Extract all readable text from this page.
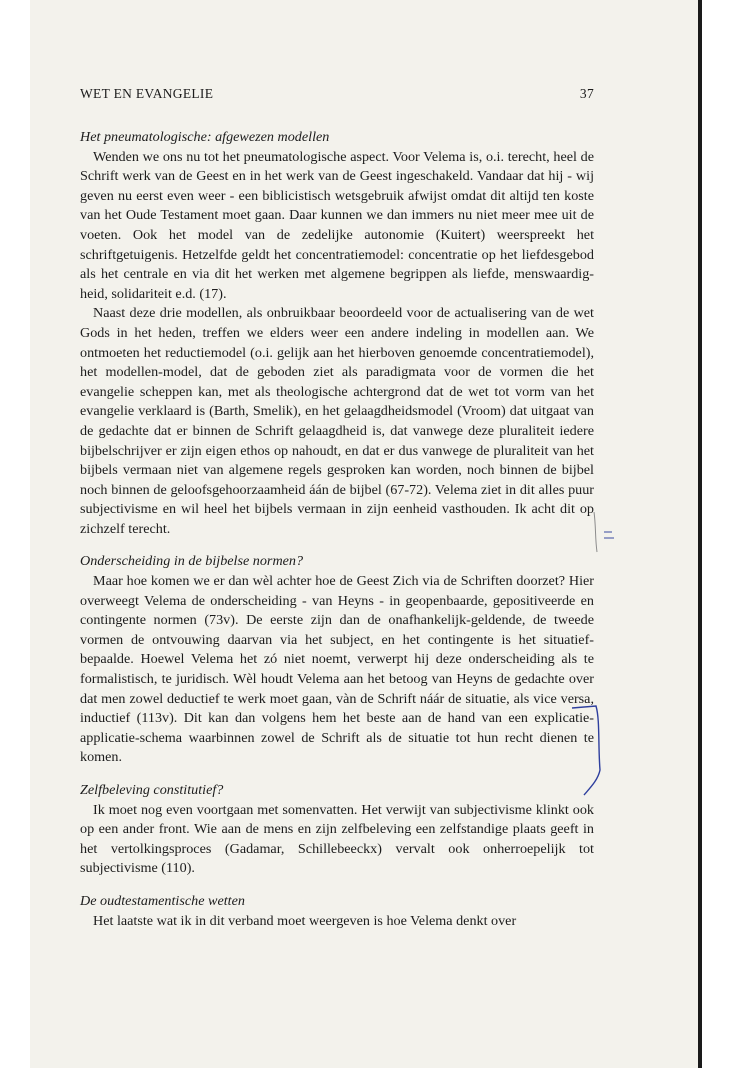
WET EN EVANGELIE	37

Het pneumatologische: afgewezen modellen

Wenden we ons nu tot het pneumatologische aspect. Voor Velema is, o.i. terecht, heel de Schrift werk van de Geest en in het werk van de Geest ingeschakeld. Vandaar dat hij - wij geven nu eerst even weer - een biblicistisch wetsgebruik afwijst omdat dit altijd ten koste van het Oude Testament moet gaan. Daar kunnen we dan immers nu niet meer mee uit de voeten. Ook het model van de zedelijke autonomie (Kuitert) weerspreekt het schriftgetuigenis. Hetzelfde geldt het concentratiemodel: concentratie op het liefdesgebod als het centrale en via dit het werken met algemene begrippen als liefde, menswaardigheid, solidariteit e.d. (17).

Naast deze drie modellen, als onbruikbaar beoordeeld voor de actualisering van de wet Gods in het heden, treffen we elders weer een andere indeling in modellen aan. We ontmoeten het reductiemodel (o.i. gelijk aan het hierboven genoemde concentratiemodel), het modellen-model, dat de geboden ziet als paradigmata voor de vormen die het evangelie scheppen kan, met als theologische achtergrond dat de wet tot vorm van het evangelie verklaard is (Barth, Smelik), en het gelaagdheidsmodel (Vroom) dat uitgaat van de gedachte dat er binnen de Schrift gelaagdheid is, dat vanwege deze pluraliteit iedere bijbelschrijver er zijn eigen ethos op nahoudt, en dat er dus vanwege de pluraliteit van het bijbels vermaan niet van algemene regels gesproken kan worden, noch binnen de bijbel noch binnen de geloofsgehoorzaamheid áán de bijbel (67-72). Velema ziet in dit alles puur subjectivisme en wil heel het bijbels vermaan in zijn eenheid vasthouden. Ik acht dit op zichzelf terecht.

Onderscheiding in de bijbelse normen?

Maar hoe komen we er dan wèl achter hoe de Geest Zich via de Schriften doorzet? Hier overweegt Velema de onderscheiding - van Heyns - in geopenbaarde, gepositiveerde en contingente normen (73v). De eerste zijn dan de onafhankelijk-geldende, de tweede vormen de ontvouwing daarvan via het subject, en het contingente is het situatief-bepaalde. Hoewel Velema het zó niet noemt, verwerpt hij deze onderscheiding als te formalistisch, te juridisch. Wèl houdt Velema aan het betoog van Heyns de gedachte over dat men zowel deductief te werk moet gaan, vàn de Schrift náár de situatie, als vice versa, inductief (113v). Dit kan dan volgens hem het beste aan de hand van een explicatie-applicatie-schema waarbinnen zowel de Schrift als de situatie tot hun recht dienen te komen.

Zelfbeleving constitutief?

Ik moet nog even voortgaan met somenvatten. Het verwijt van subjectivisme klinkt ook op een ander front. Wie aan de mens en zijn zelfbeleving een zelfstandige plaats geeft in het vertolkingsproces (Gadamar, Schillebeeckx) vervalt ook onherroepelijk tot subjectivisme (110).

De oudtestamentische wetten

Het laatste wat ik in dit verband moet weergeven is hoe Velema denkt over
